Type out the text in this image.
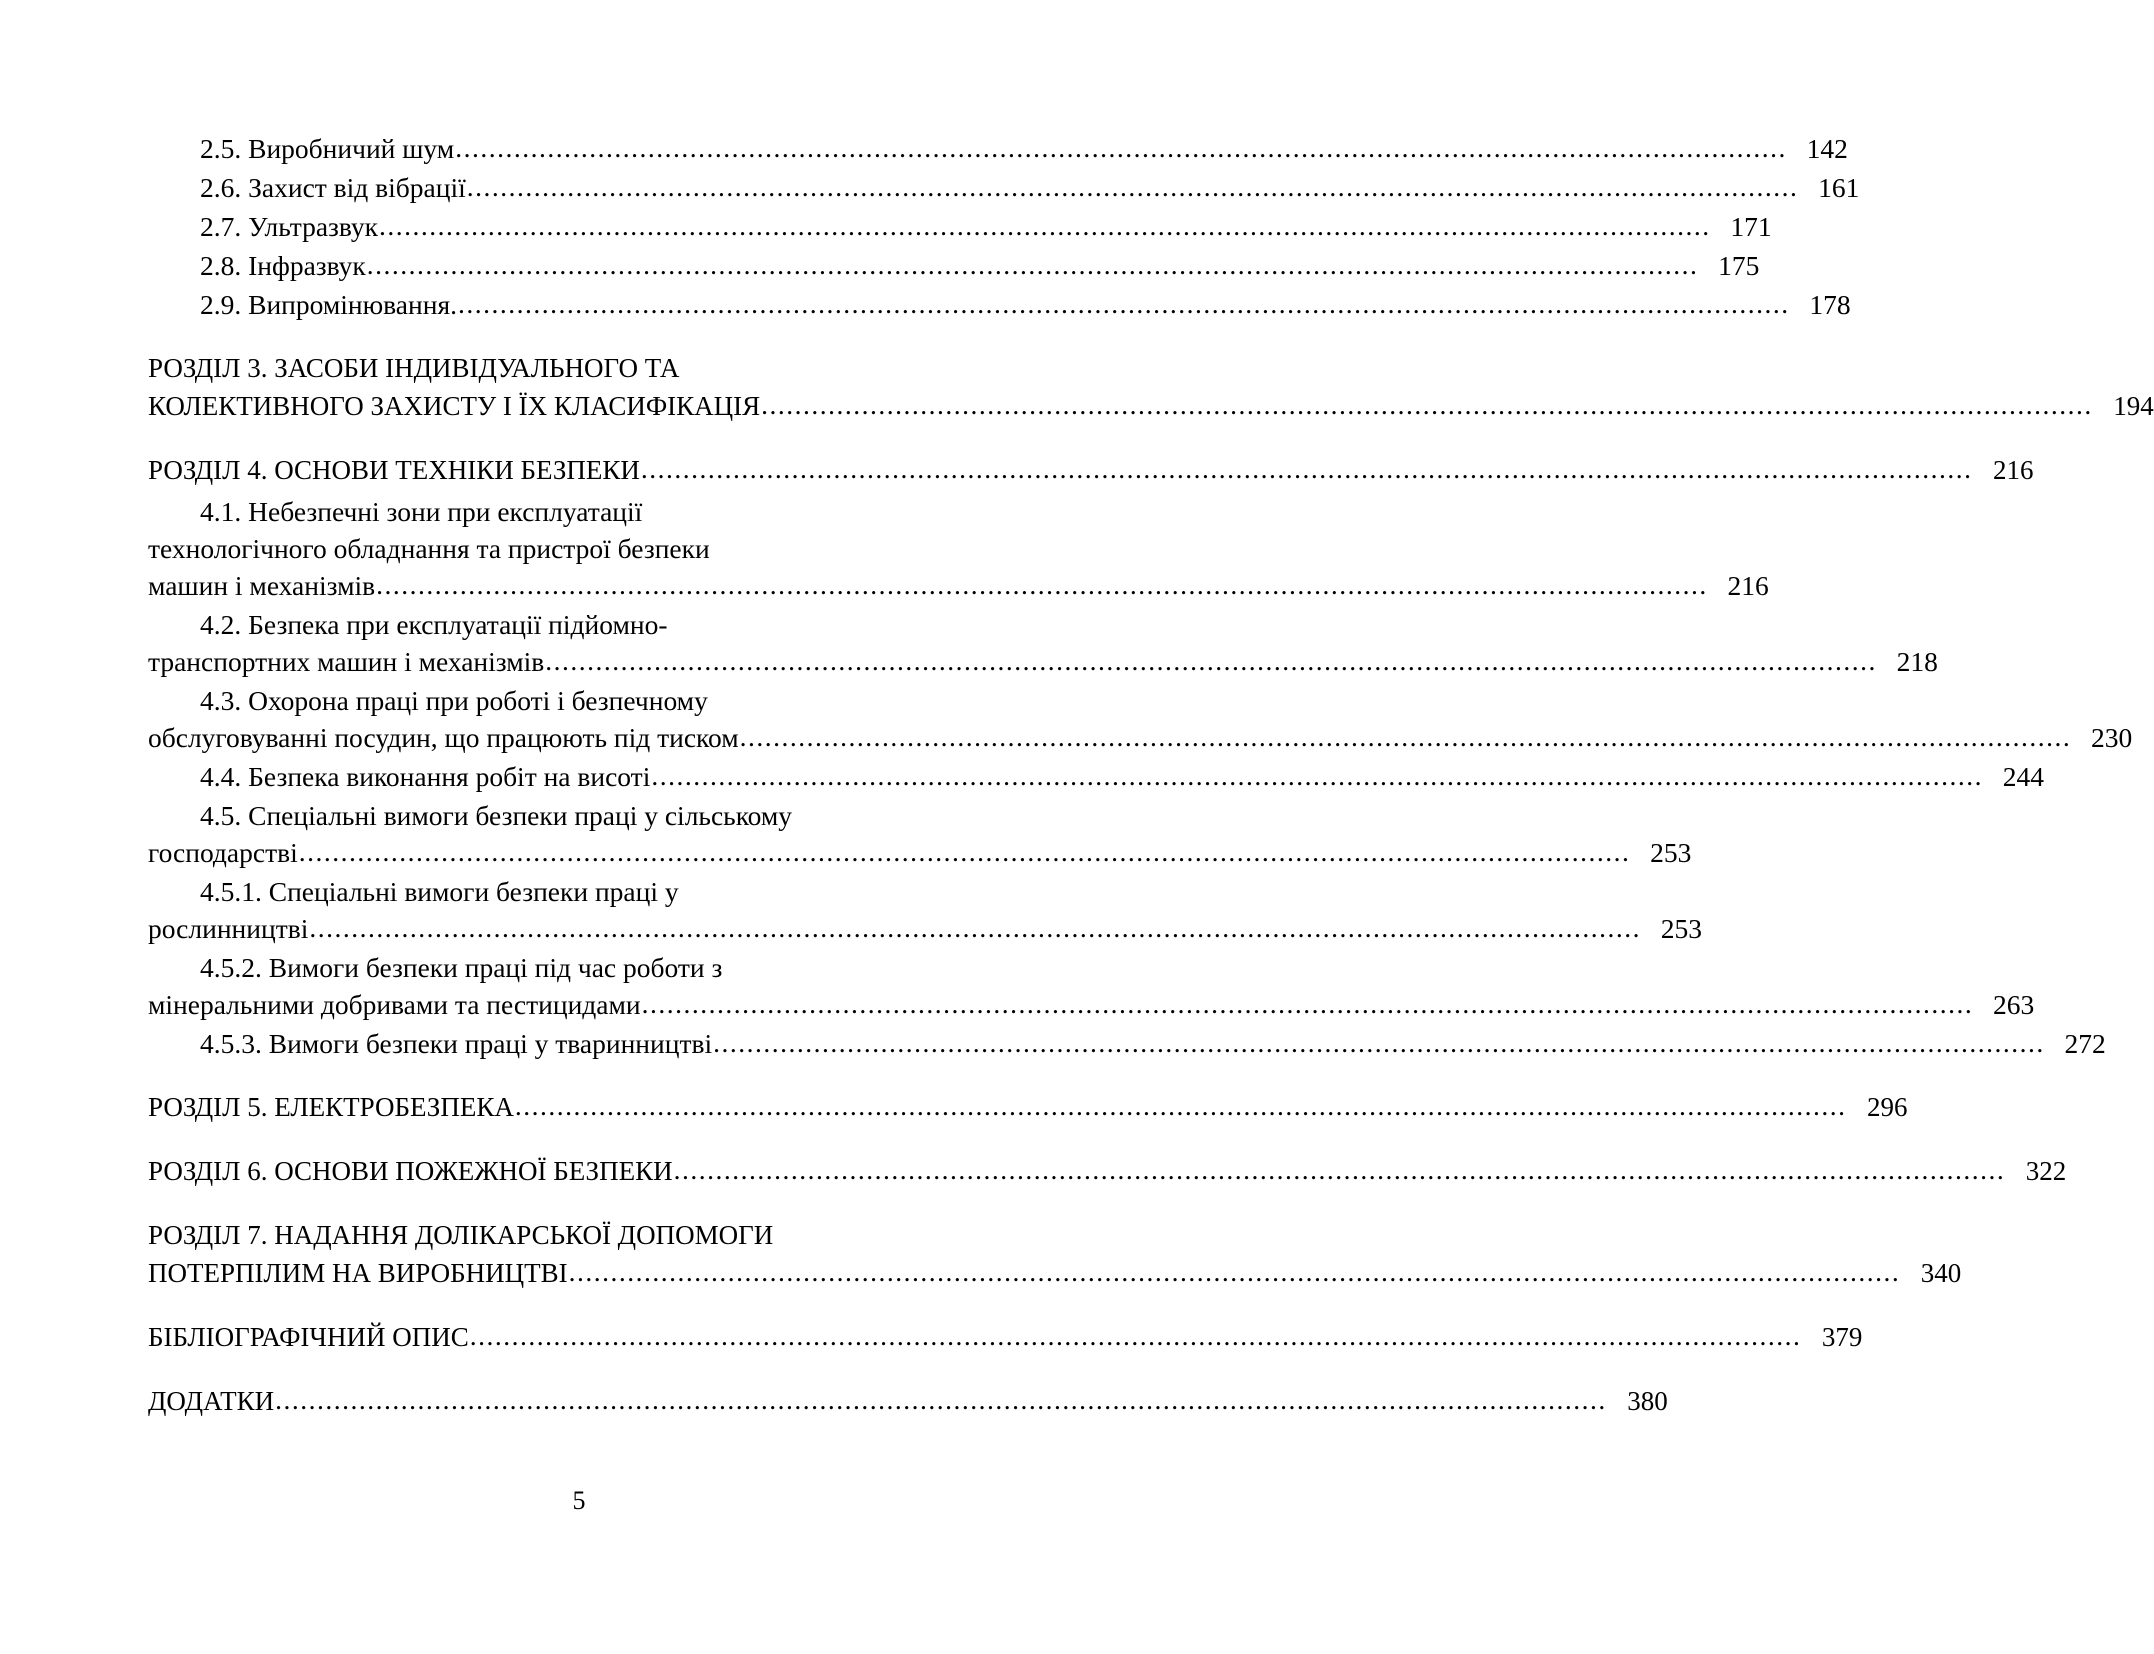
2.5. Виробничий шум ............................................................................................................................................................... 142
2.6. Захист від вібрації ............................................................................................................................................................... 161
2.7. Ультразвук ............................................................................................................................................................... 171
2.8. Інфразвук ............................................................................................................................................................... 175
2.9. Випромінювання. ............................................................................................................................................................... 178
РОЗДІЛ 3. ЗАСОБИ ІНДИВІДУАЛЬНОГО ТА
КОЛЕКТИВНОГО ЗАХИСТУ І ЇХ КЛАСИФІКАЦІЯ ............................................................................................................................................................... 194
РОЗДІЛ 4. ОСНОВИ ТЕХНІКИ БЕЗПЕКИ ............................................................................................................................................................... 216
4.1. Небезпечні зони при експлуатації
технологічного обладнання та пристрої безпеки
машин і механізмів ............................................................................................................................................................... 216
4.2. Безпека при експлуатації підйомно-
транспортних машин і механізмів ............................................................................................................................................................... 218
4.3. Охорона праці при роботі і безпечному
обслуговуванні посудин, що працюють під тиском ............................................................................................................................................................... 230
4.4. Безпека виконання робіт на висоті ............................................................................................................................................................... 244
4.5. Спеціальні вимоги безпеки праці у сільському
господарстві ............................................................................................................................................................... 253
4.5.1. Спеціальні вимоги безпеки праці у
рослинництві ............................................................................................................................................................... 253
4.5.2. Вимоги безпеки праці під час роботи з
мінеральними добривами та пестицидами ............................................................................................................................................................... 263
4.5.3. Вимоги безпеки праці у тваринництві ............................................................................................................................................................... 272
РОЗДІЛ 5. ЕЛЕКТРОБЕЗПЕКА ............................................................................................................................................................... 296
РОЗДІЛ 6. ОСНОВИ ПОЖЕЖНОЇ БЕЗПЕКИ ............................................................................................................................................................... 322
РОЗДІЛ 7. НАДАННЯ ДОЛІКАРСЬКОЇ ДОПОМОГИ
ПОТЕРПІЛИМ НА ВИРОБНИЦТВІ ............................................................................................................................................................... 340
БІБЛІОГРАФІЧНИЙ ОПИС ............................................................................................................................................................... 379
ДОДАТКИ ............................................................................................................................................................... 380
5
